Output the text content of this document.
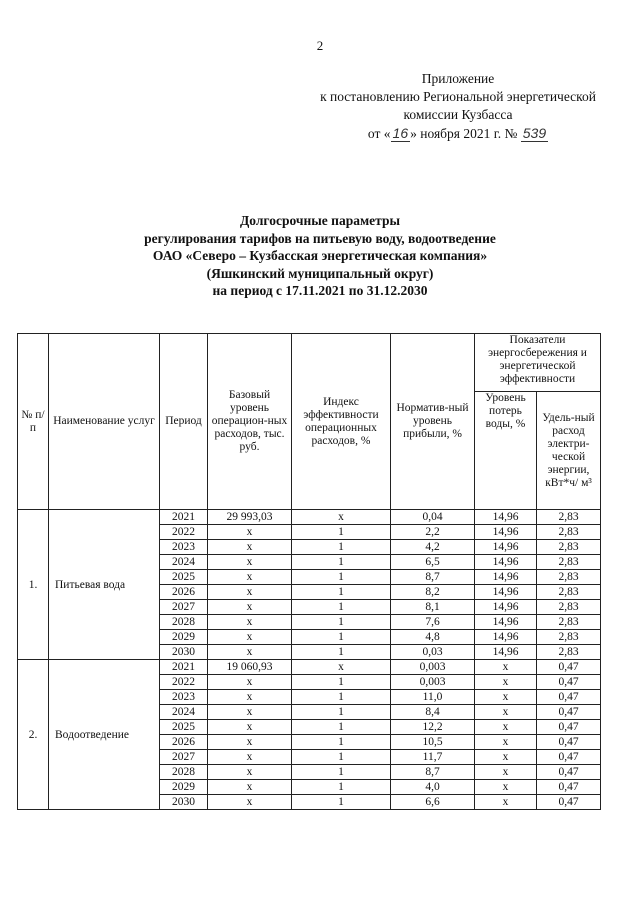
2
Приложение
к постановлению Региональной энергетической
комиссии Кузбасса
от « 16 » ноября 2021 г. № 539
Долгосрочные параметры
регулирования тарифов на питьевую воду, водоотведение
ОАО «Северо – Кузбасская энергетическая компания»
(Яшкинский муниципальный округ)
на период с 17.11.2021 по 31.12.2030
№ п/п	Наименование услуг	Период	Базовый уровень операцион-ных расходов, тыс. руб.	Индекс эффективности операционных расходов, %	Норматив-ный уровень прибыли, %	Показатели энергосбережения и энергетической эффективности	
						Уровень потерь воды, %	Удель-ный расход электри-ческой энергии, кВт*ч/ м³
1.	Питьевая вода	2021	29 993,03	x	0,04	14,96	2,83
		2022	x	1	2,2	14,96	2,83
		2023	x	1	4,2	14,96	2,83
		2024	x	1	6,5	14,96	2,83
		2025	x	1	8,7	14,96	2,83
		2026	x	1	8,2	14,96	2,83
		2027	x	1	8,1	14,96	2,83
		2028	x	1	7,6	14,96	2,83
		2029	x	1	4,8	14,96	2,83
		2030	x	1	0,03	14,96	2,83
2.	Водоотведение	2021	19 060,93	x	0,003	x	0,47
		2022	x	1	0,003	x	0,47
		2023	x	1	11,0	x	0,47
		2024	x	1	8,4	x	0,47
		2025	x	1	12,2	x	0,47
		2026	x	1	10,5	x	0,47
		2027	x	1	11,7	x	0,47
		2028	x	1	8,7	x	0,47
		2029	x	1	4,0	x	0,47
		2030	x	1	6,6	x	0,47
